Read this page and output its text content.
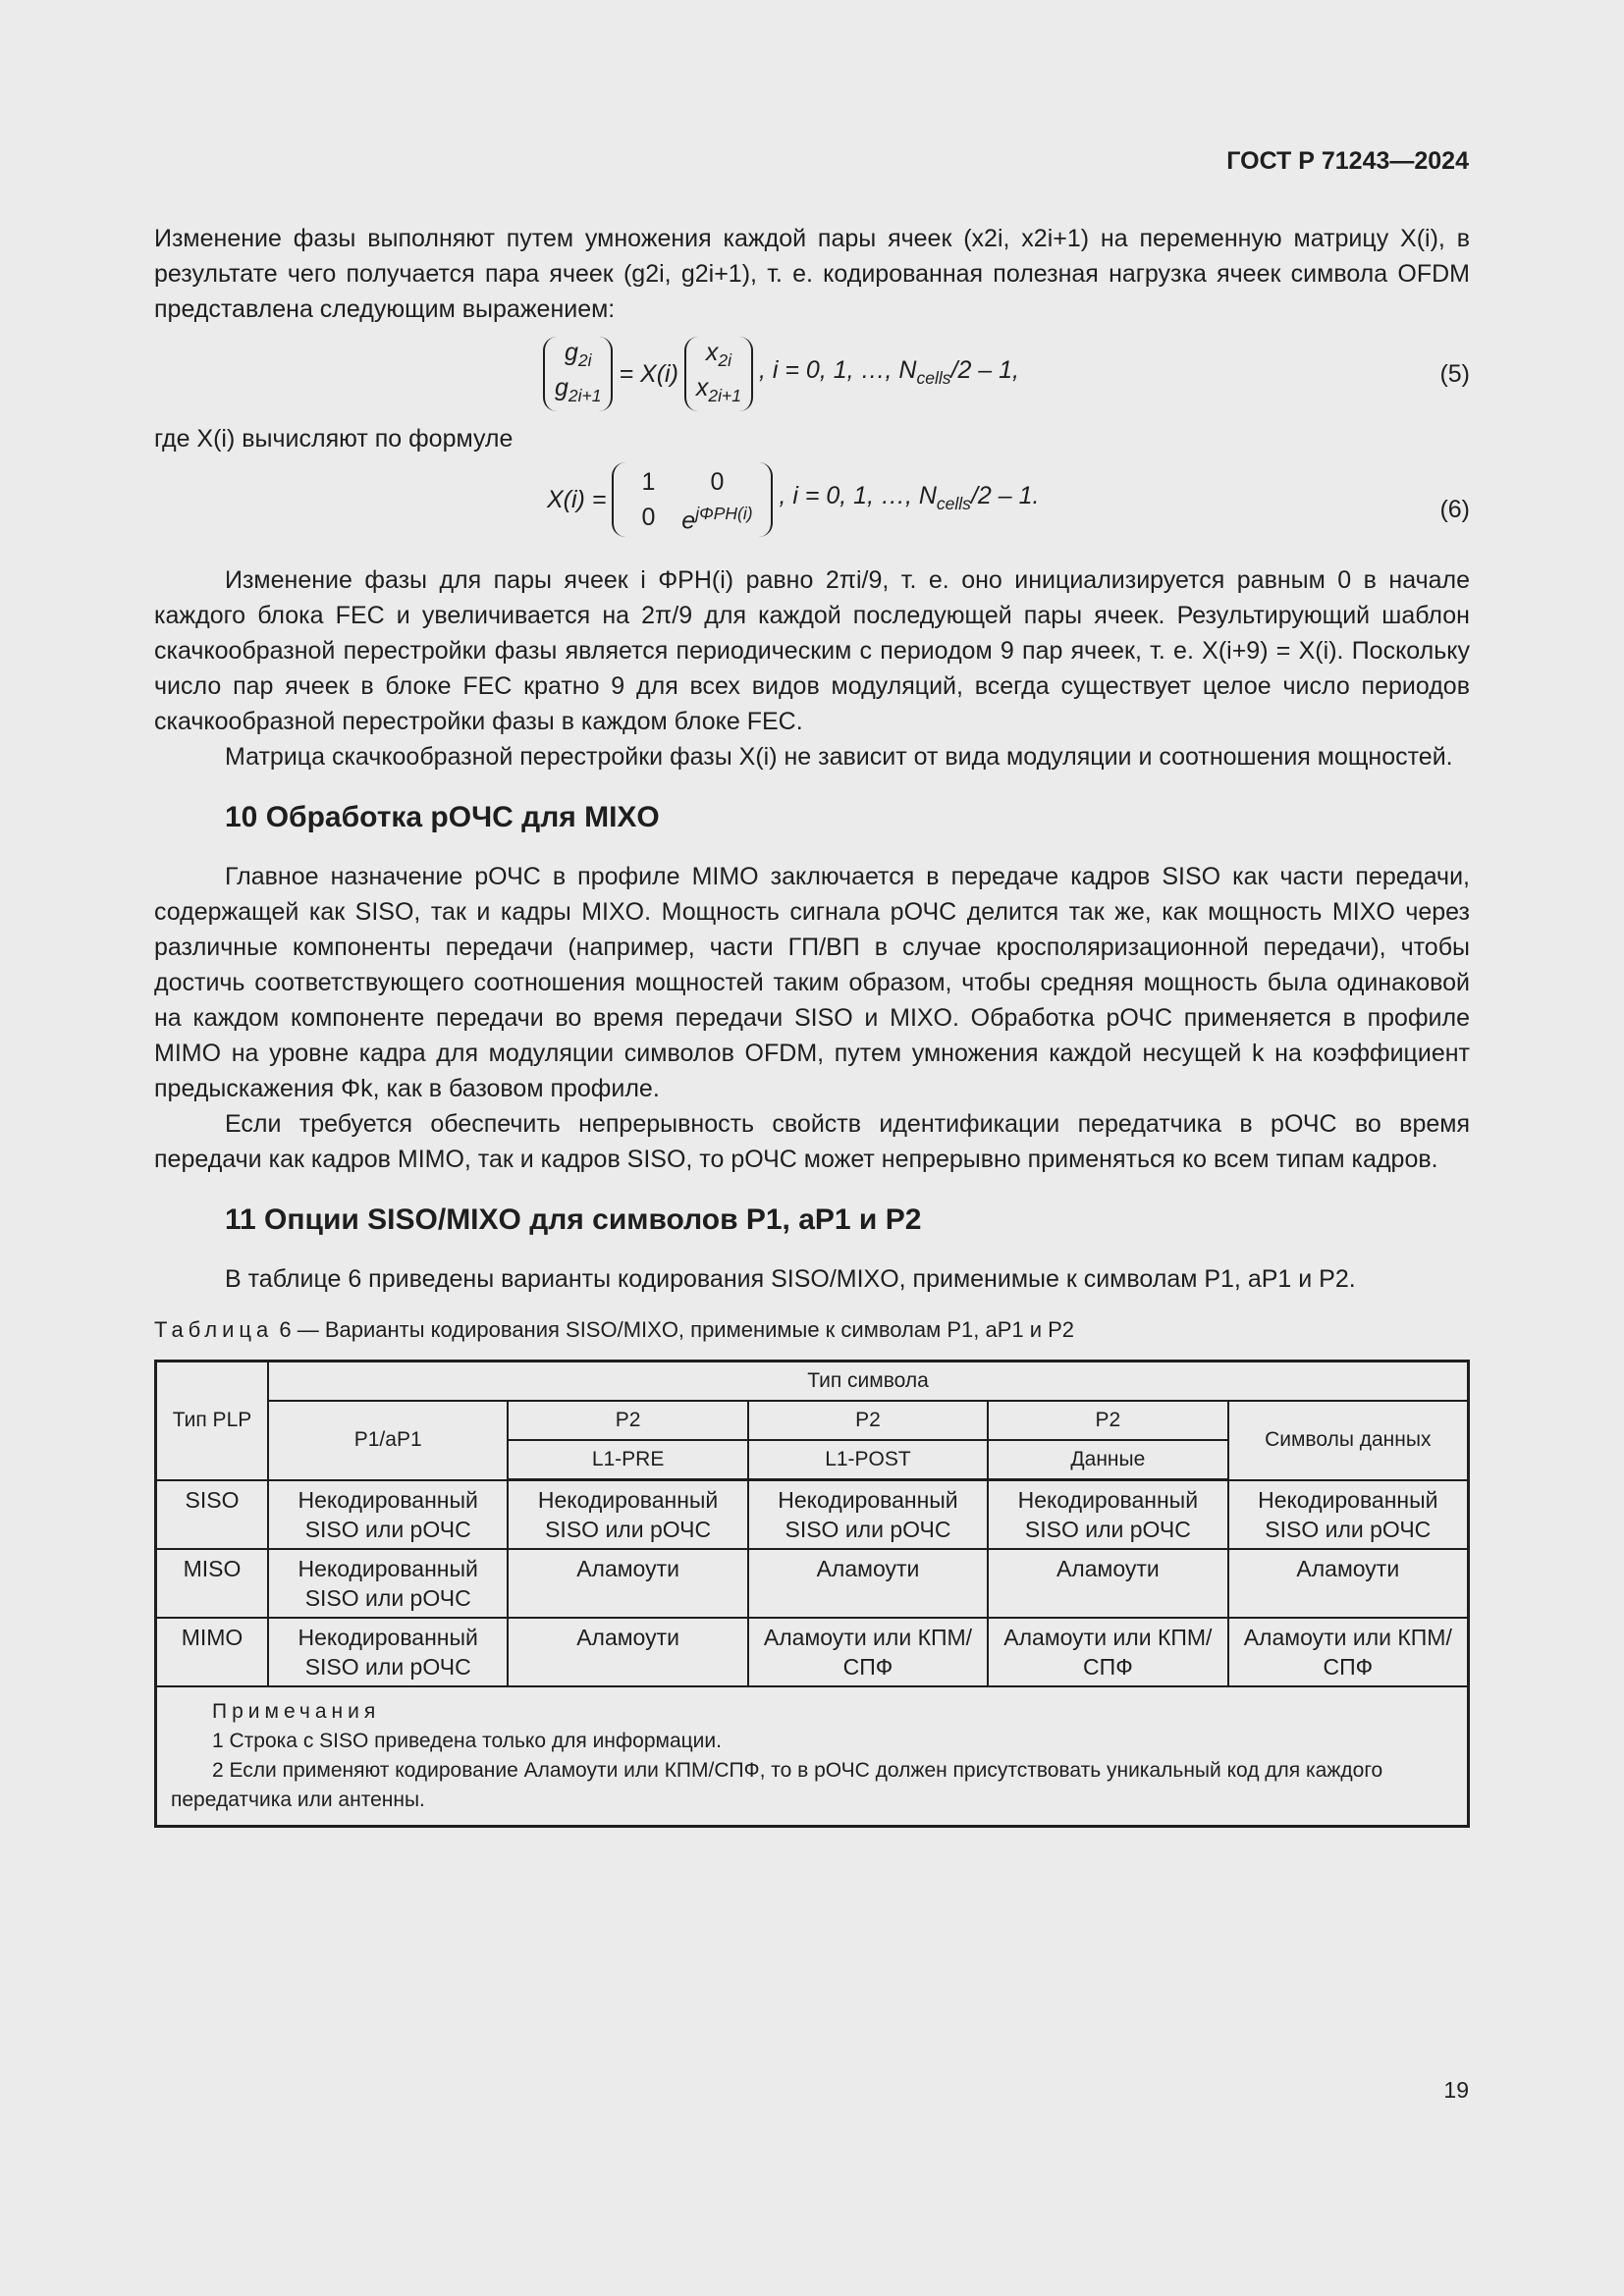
ГОСТ Р 71243—2024

Изменение фазы выполняют путем умножения каждой пары ячеек (x2i, x2i+1) на переменную матрицу X(i), в результате чего получается пара ячеек (g2i, g2i+1), т. е. кодированная полезная нагрузка ячеек символа OFDM представлена следующим выражением:

$g_{2i}$
$g_{2i+1}$
= X(i)
$x_{2i}$
$x_{2i+1}$
, i = 0, 1, …, $N_{cells}/2 - 1$,	(5)

где X(i) вычисляют по формуле

X(i) =
1 0
0 $e^{j\Phi PH(i)}$
, i = 0, 1, …, $N_{cells}/2 - 1$.	(6)

Изменение фазы для пары ячеек i ΦPH(i) равно 2πi/9, т. е. оно инициализируется равным 0 в начале каждого блока FEC и увеличивается на 2π/9 для каждой последующей пары ячеек. Результирующий шаблон скачкообразной перестройки фазы является периодическим с периодом 9 пар ячеек, т. е. X(i+9) = X(i). Поскольку число пар ячеек в блоке FEC кратно 9 для всех видов модуляций, всегда существует целое число периодов скачкообразной перестройки фазы в каждом блоке FEC.

Матрица скачкообразной перестройки фазы X(i) не зависит от вида модуляции и соотношения мощностей.

10 Обработка рОЧС для MIXO

Главное назначение рОЧС в профиле MIMO заключается в передаче кадров SISO как части передачи, содержащей как SISO, так и кадры MIXO. Мощность сигнала рОЧС делится так же, как мощность MIXO через различные компоненты передачи (например, части ГП/ВП в случае кросполяризационной передачи), чтобы достичь соответствующего соотношения мощностей таким образом, чтобы средняя мощность была одинаковой на каждом компоненте передачи во время передачи SISO и MIXO. Обработка рОЧС применяется в профиле MIMO на уровне кадра для модуляции символов OFDM, путем умножения каждой несущей k на коэффициент предыскажения Φk, как в базовом профиле.

Если требуется обеспечить непрерывность свойств идентификации передатчика в рОЧС во время передачи как кадров MIMO, так и кадров SISO, то рОЧС может непрерывно применяться ко всем типам кадров.

11 Опции SISO/MIXO для символов P1, aP1 и P2

В таблице 6 приведены варианты кодирования SISO/MIXO, применимые к символам P1, aP1 и P2.

Таблица 6 — Варианты кодирования SISO/MIXO, применимые к символам P1, aP1 и P2
Тип PLP	Тип символа				
	P1/aP1	P2	P2	P2	Символы данных
		L1-PRE	L1-POST	Данные	
SISO	Некодированный SISO или рОЧС	Некодированный SISO или рОЧС	Некодированный SISO или рОЧС	Некодированный SISO или рОЧС	Некодированный SISO или рОЧС
MISO	Некодированный SISO или рОЧС	Аламоути	Аламоути	Аламоути	Аламоути
MIMO	Некодированный SISO или рОЧС	Аламоути	Аламоути или КПМ/СПФ	Аламоути или КПМ/СПФ	Аламоути или КПМ/СПФ

Примечания
1 Строка с SISO приведена только для информации.
2 Если применяют кодирование Аламоути или КПМ/СПФ, то в рОЧС должен присутствовать уникальный код для каждого передатчика или антенны.					
19
